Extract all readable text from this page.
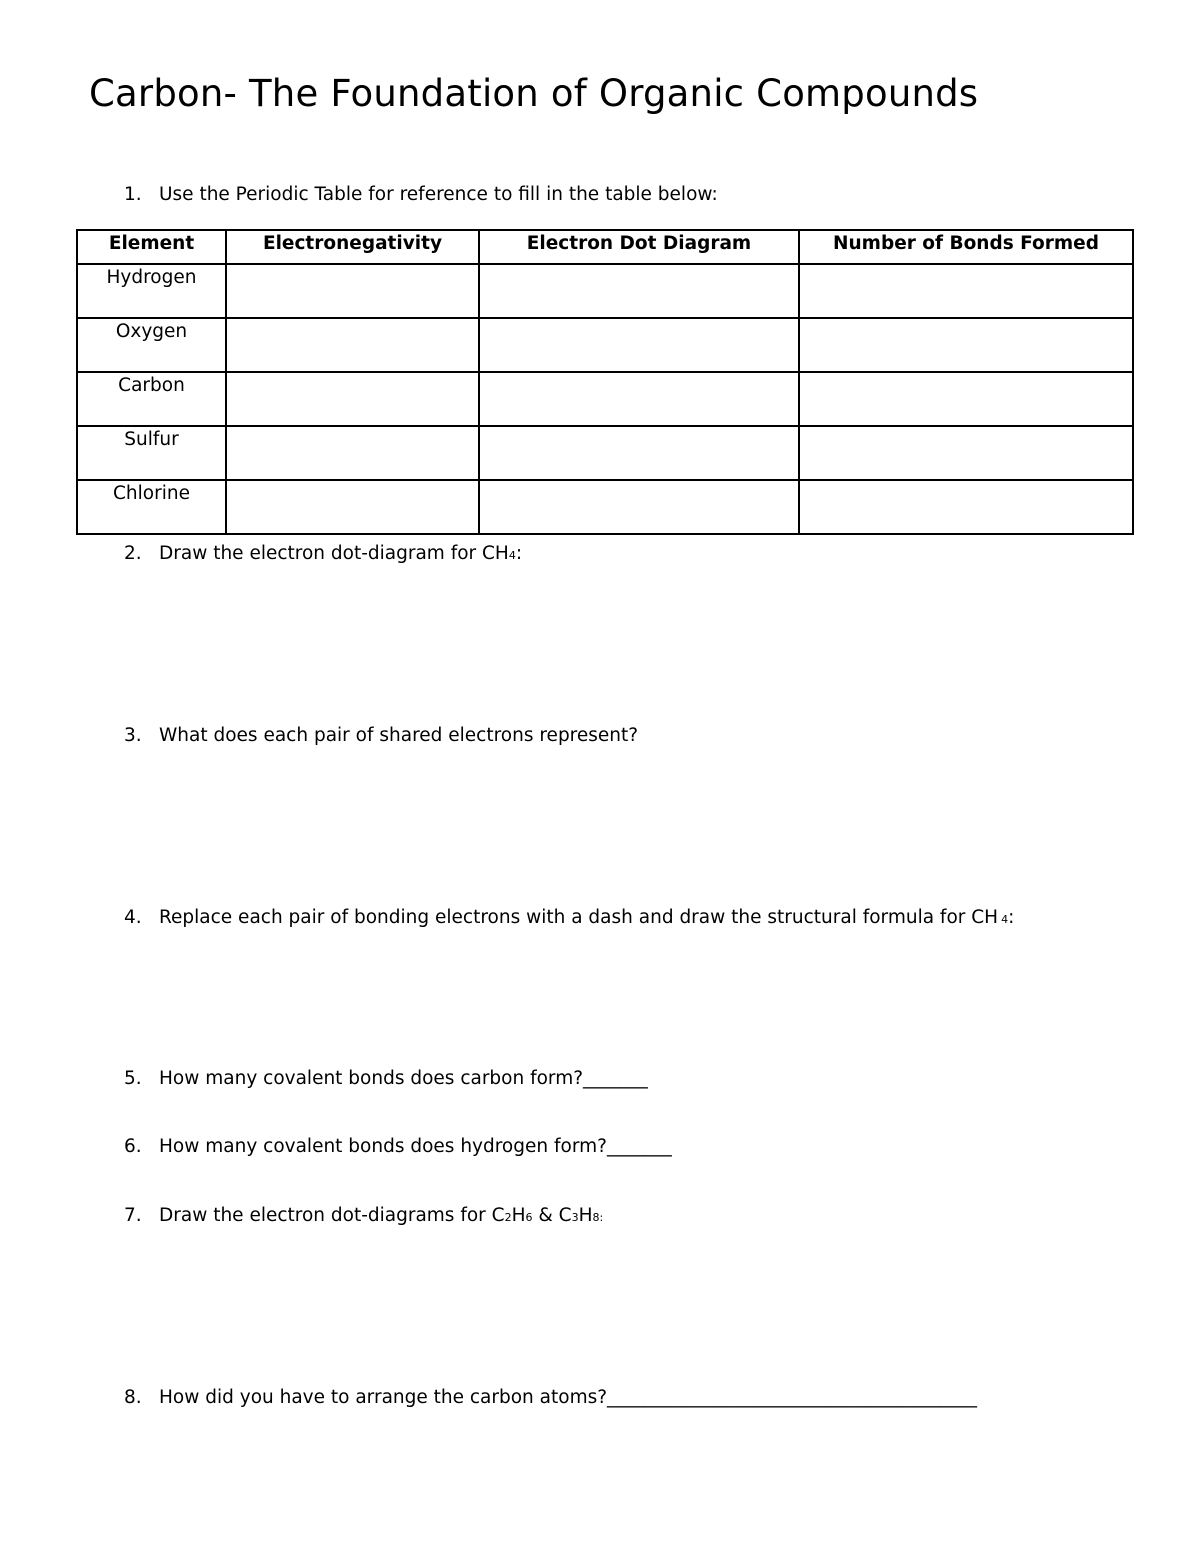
Carbon- The Foundation of Organic Compounds
1. Use the Periodic Table for reference to fill in the table below:
Element	Electronegativity	Electron Dot Diagram	Number of Bonds Formed
Hydrogen			
Oxygen			
Carbon			
Sulfur			
Chlorine			
2. Draw the electron dot-diagram for CH4:
3. What does each pair of shared electrons represent?
4. Replace each pair of bonding electrons with a dash and draw the structural formula for CH 4:
5. How many covalent bonds does carbon form?_______
6. How many covalent bonds does hydrogen form?_______
7. Draw the electron dot-diagrams for C2H6 & C3H8:
8. How did you have to arrange the carbon atoms?________________________________________
